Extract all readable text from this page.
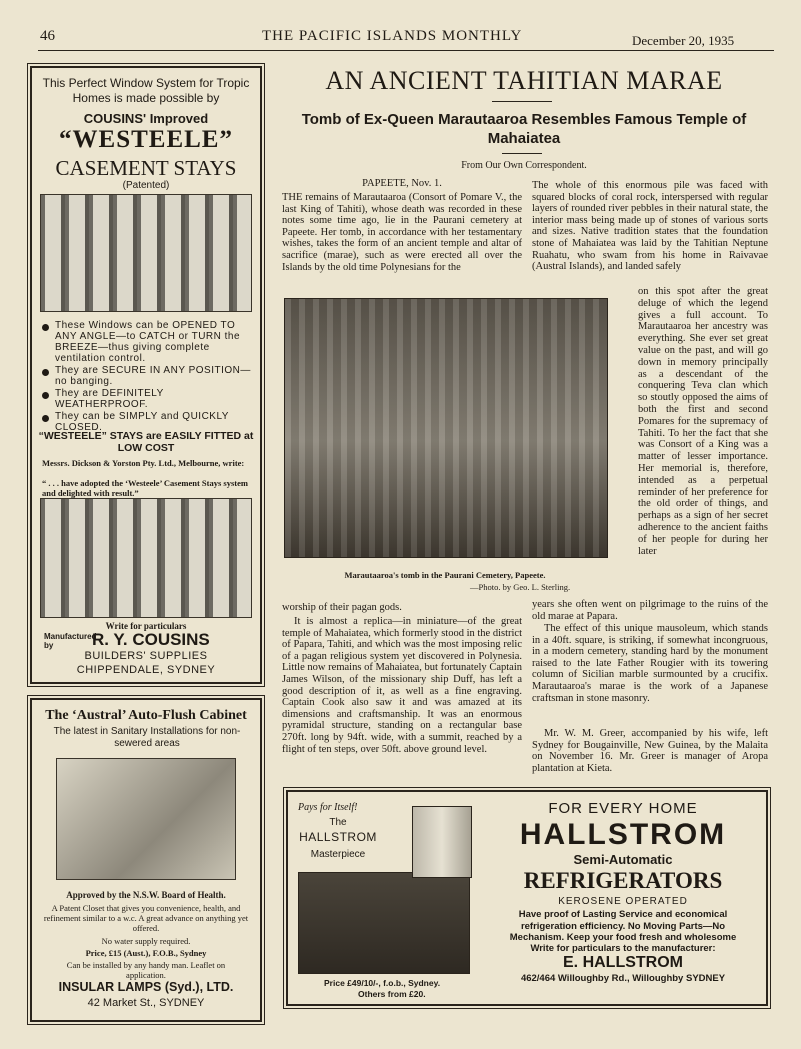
46	THE PACIFIC ISLANDS MONTHLY	December 20, 1935
This Perfect Window System for Tropic Homes is made possible by
COUSINS' Improved
“WESTEELE”
CASEMENT STAYS
(Patented)
These Windows can be OPENED TO ANY ANGLE—to CATCH or TURN the BREEZE—thus giving complete ventilation control.
They are SECURE IN ANY POSITION—no banging.
They are DEFINITELY WEATHERPROOF.
They can be SIMPLY and QUICKLY CLOSED.
“WESTEELE” STAYS are EASILY FITTED at LOW COST
Messrs. Dickson & Yorston Pty. Ltd., Melbourne, write:
“ . . . have adopted the ‘Westeele’ Casement Stays system and delighted with result.”
Write for particulars
Manufactured by	R. Y. COUSINS
BUILDERS' SUPPLIES
CHIPPENDALE, SYDNEY
The ‘Austral’ Auto-Flush Cabinet
The latest in Sanitary Installations for non-sewered areas
Approved by the N.S.W. Board of Health.
A Patent Closet that gives you convenience, health, and refinement similar to a w.c. A great advance on anything yet offered.
No water supply required.
Price, £15 (Aust.), F.O.B., Sydney
Can be installed by any handy man. Leaflet on application.
INSULAR LAMPS (Syd.), LTD.
42 Market St., SYDNEY
AN ANCIENT TAHITIAN MARAE
Tomb of Ex-Queen Marautaaroa Resembles Famous Temple of Mahaiatea
From Our Own Correspondent.
PAPEETE, Nov. 1.
THE remains of Marautaaroa (Consort of Pomare V., the last King of Tahiti), whose death was recorded in these notes some time ago, lie in the Paurani cemetery at Papeete. Her tomb, in accordance with her testamentary wishes, takes the form of an ancient temple and altar of sacrifice (marae), such as were erected all over the Islands by the old time Polynesians for the
The whole of this enormous pile was faced with squared blocks of coral rock, interspersed with regular layers of rounded river pebbles in their natural state, the interior mass being made up of stones of various sorts and sizes. Native tradition states that the foundation stone of Mahaiatea was laid by the Tahitian Neptune Ruahatu, who swam from his home in Raivavae (Austral Islands), and landed safely
Marautaaroa's tomb in the Paurani Cemetery, Papeete.
—Photo. by Geo. L. Sterling.
on this spot after the great deluge of which the legend gives a full account. To Marautaaroa her ancestry was everything. She ever set great value on the past, and will go down in memory principally as a descendant of the conquering Teva clan which so stoutly opposed the aims of both the first and second Pomares for the supremacy of Tahiti. To her the fact that she was Consort of a King was a matter of lesser importance. Her memorial is, therefore, intended as a perpetual reminder of her preference for the old order of things, and perhaps as a sign of her secret adherence to the ancient faiths of her people for during her later
worship of their pagan gods.
It is almost a replica—in miniature—of the great temple of Mahaiatea, which formerly stood in the district of Papara, Tahiti, and which was the most imposing relic of a pagan religious system yet discovered in Polynesia. Little now remains of Mahaiatea, but fortunately Captain James Wilson, of the missionary ship Duff, has left a good description of it, as well as a fine engraving. Captain Cook also saw it and was amazed at its dimensions and craftsmanship. It was an enormous pyramidal structure, standing on a rectangular base 270ft. long by 94ft. wide, with a summit, reached by a flight of ten steps, over 50ft. above ground level.
years she often went on pilgrimage to the ruins of the old marae at Papara.
The effect of this unique mausoleum, which stands in a 40ft. square, is striking, if somewhat incongruous, in a modern cemetery, standing hard by the monument raised to the late Father Rougier with its towering column of Sicilian marble surmounted by a crucifix. Marautaaroa's marae is the work of a Japanese craftsman in stone masonry.
Mr. W. M. Greer, accompanied by his wife, left Sydney for Bougainville, New Guinea, by the Malaita on November 16. Mr. Greer is manager of Aropa plantation at Kieta.
Pays for Itself!
The
HALLSTROM
Masterpiece
Price £49/10/-, f.o.b., Sydney.
Others from £20.
FOR EVERY HOME
HALLSTROM
Semi-Automatic
REFRIGERATORS
KEROSENE OPERATED
Have proof of Lasting Service and economical refrigeration efficiency. No Moving Parts—No Mechanism. Keep your food fresh and wholesome
Write for particulars to the manufacturer:
E. HALLSTROM
462/464 Willoughby Rd., Willoughby SYDNEY
